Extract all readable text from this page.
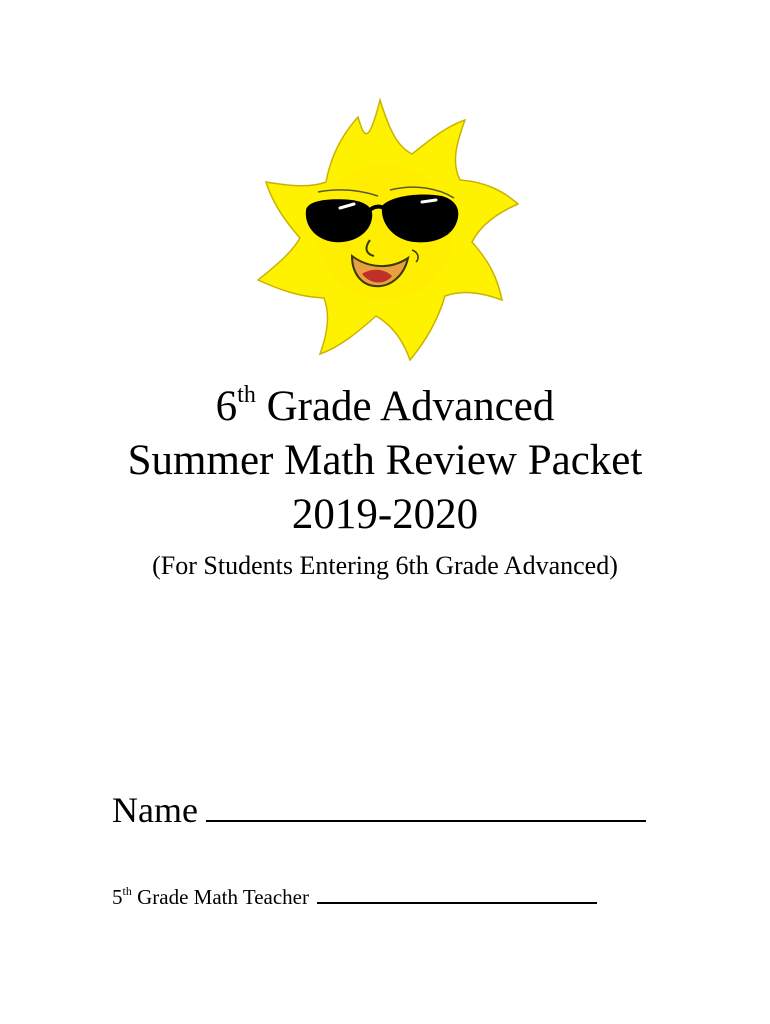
6th Grade Advanced
Summer Math Review Packet
2019-2020
(For Students Entering 6th Grade Advanced)
Name
5th Grade Math Teacher
